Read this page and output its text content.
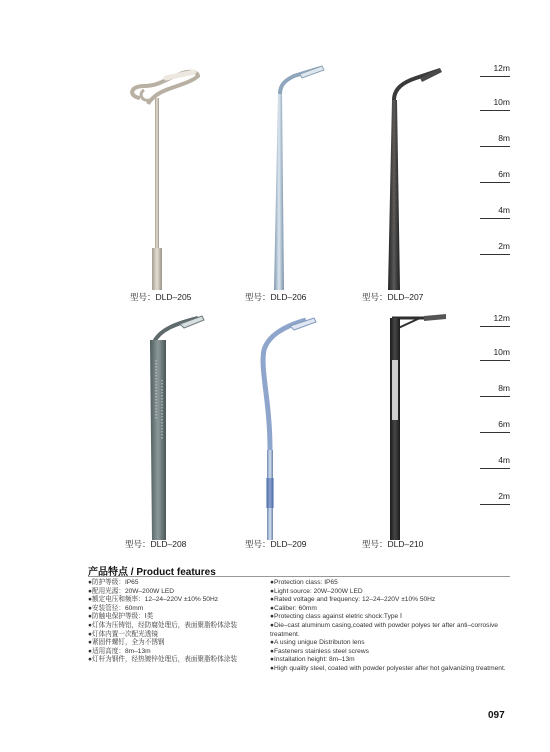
型号：DLD–205	型号：DLD–206	型号：DLD–207
12m
10m
8m
6m
4m
2m
型号：DLD–208	型号：DLD–209	型号：DLD–210
12m
10m
8m
6m
4m
2m
产品特点 / Product features
●防护等级：IP65
●配用光源：20W–200W LED
●额定电压和频率：12–24–220V ±10% 50Hz
●安装管径：60mm
●防触电保护等级：Ⅰ类
●灯体为压铸铝，经防腐处理后，表面聚脂粉体涂装
●灯体内置一次配光透镜
●紧固件螺钉，全为不锈钢
●适用高度：8m–13m
●灯杆为钢件，经热镀锌处理后，表面聚脂粉体涂装
●Protection class: IP65
●Light source: 20W–200W LED
●Rated voltage and frequency: 12–24–220V ±10% 50Hz
●Caliber: 60mm
●Protecting class against eletric shock:Type Ⅰ
●Die–cast aluminum casing,coated with powder polyes ter after anti–corrosive treatment.
●A using unigue Distributon lens
●Fasteners stainless steel screws
●Installation height: 8m–13m
●High quality steel, coated with powder polyester after hot galvanizing treatment.
097
